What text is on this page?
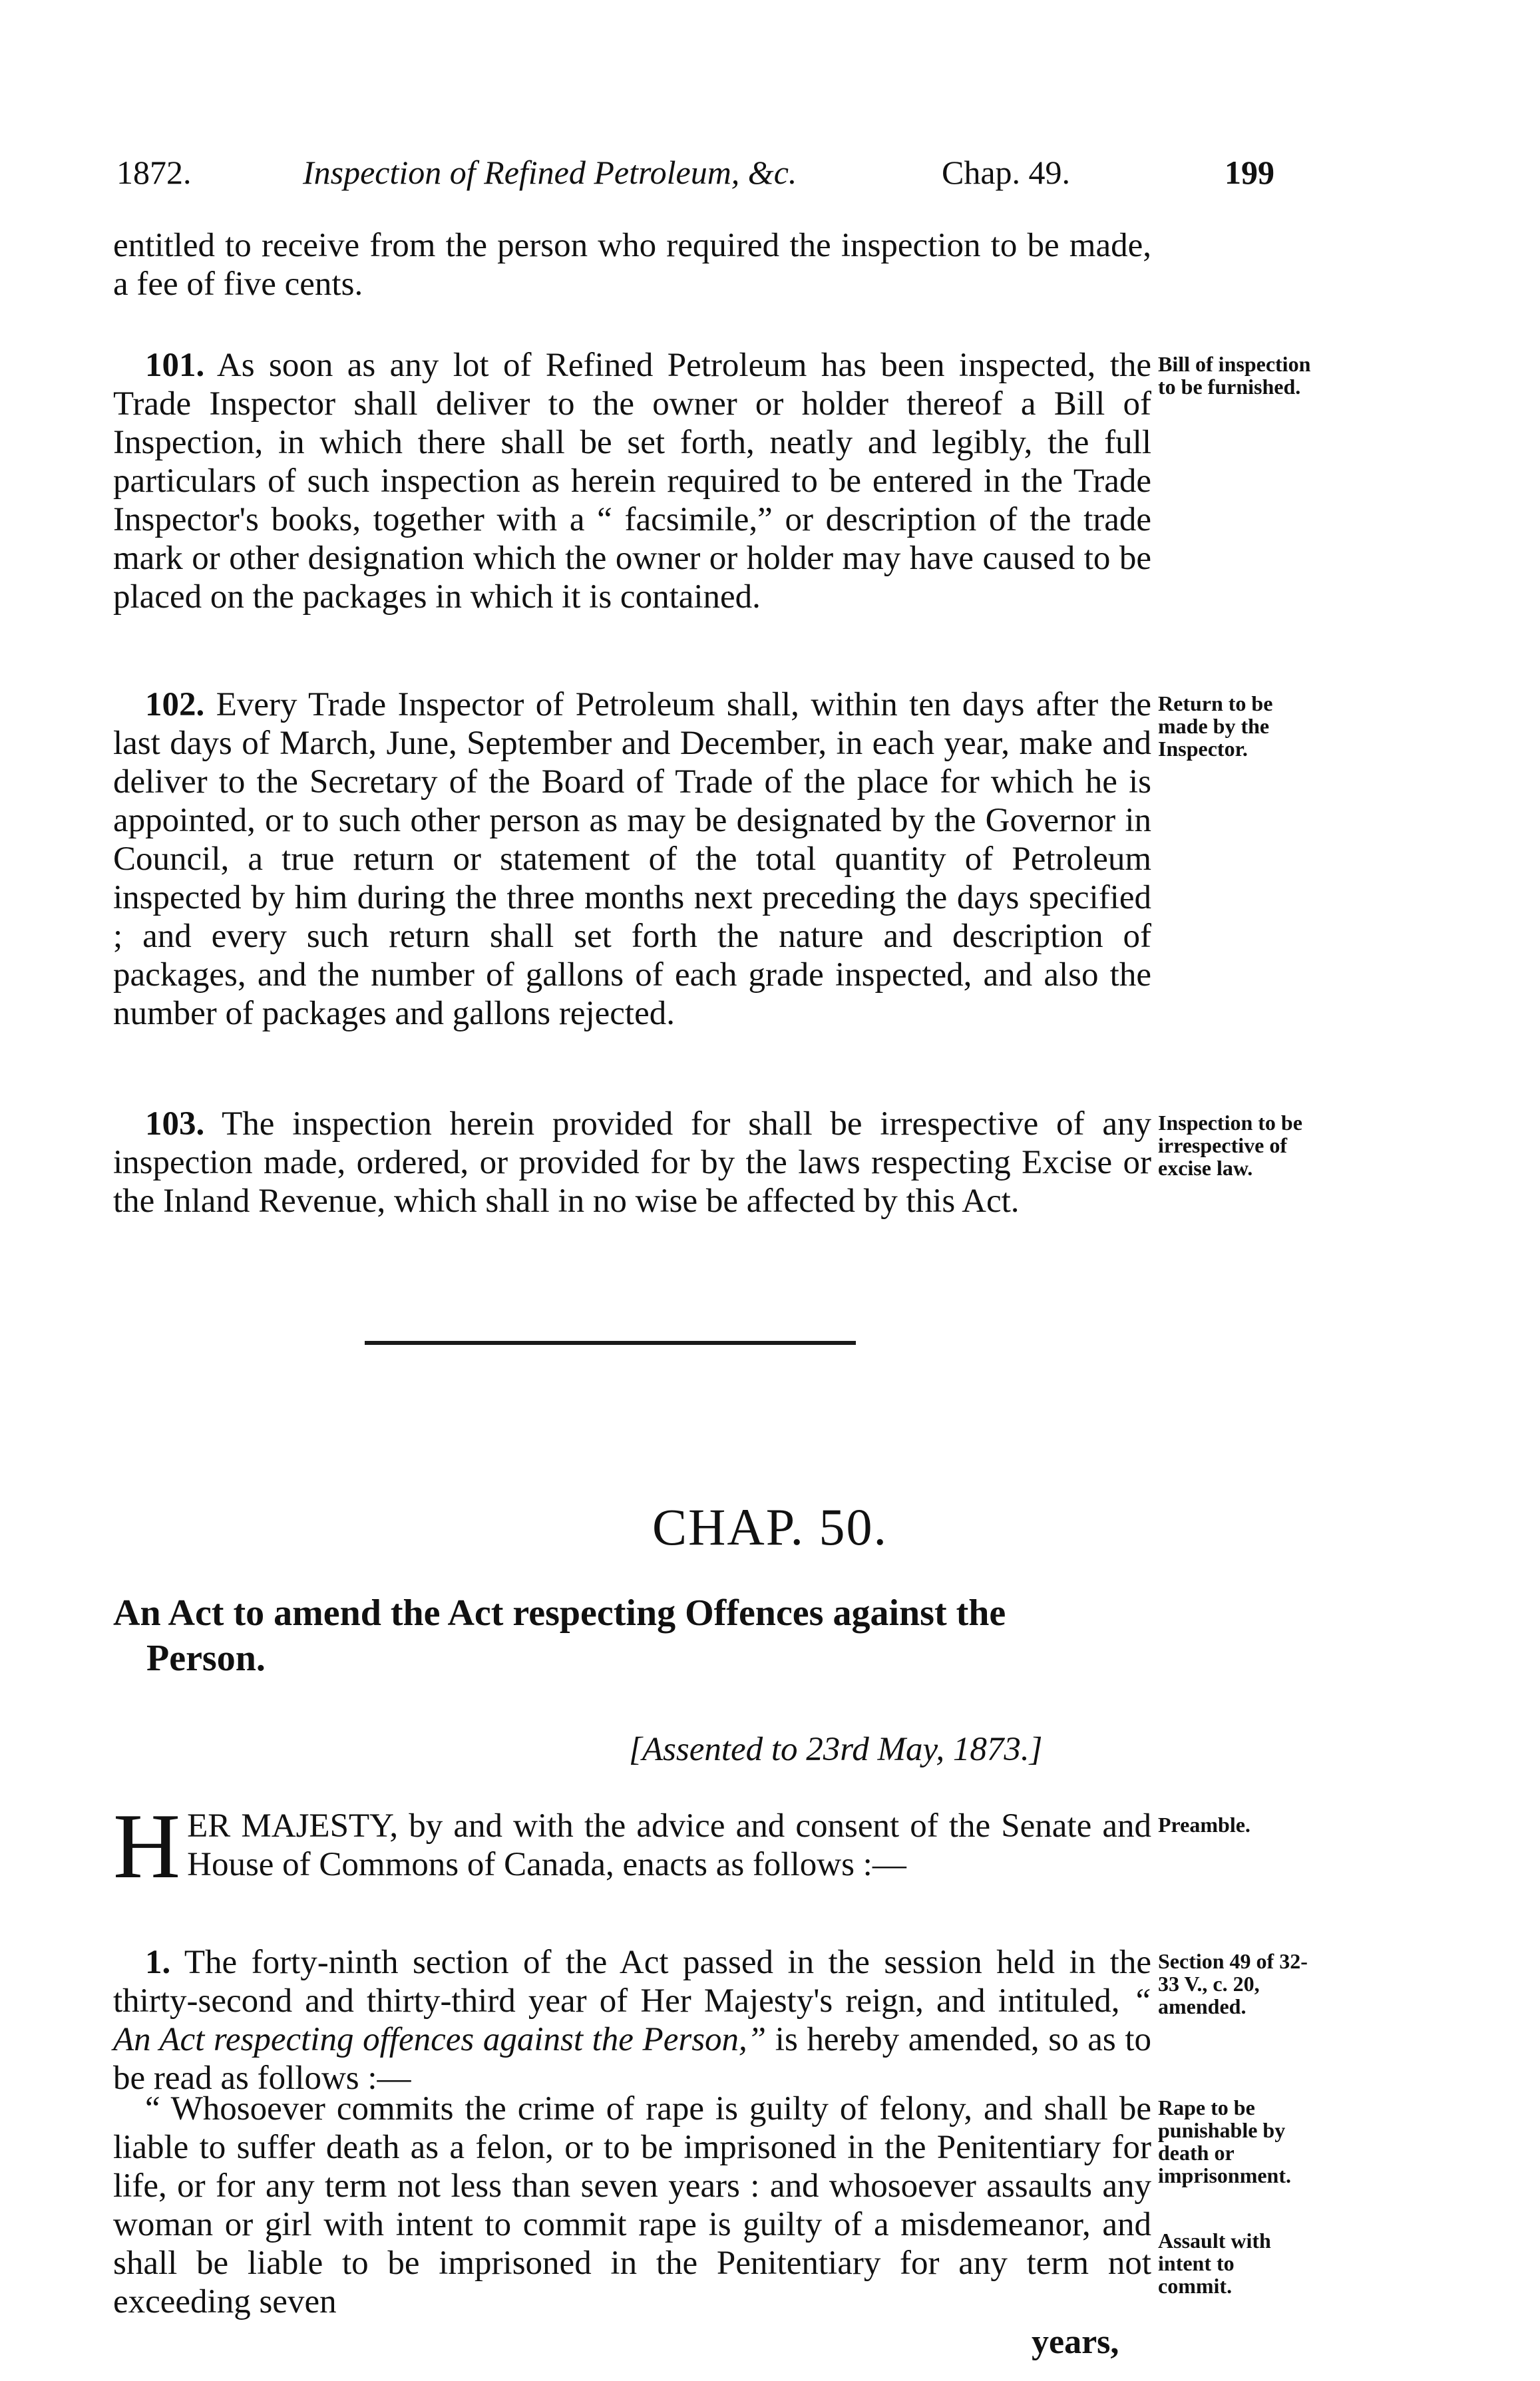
1872.	Inspection of Refined Petroleum, &c.	Chap. 49.	199

entitled to receive from the person who required the inspection to be made, a fee of five cents.

101. As soon as any lot of Refined Petroleum has been inspected, the Trade Inspector shall deliver to the owner or holder thereof a Bill of Inspection, in which there shall be set forth, neatly and legibly, the full particulars of such inspection as herein required to be entered in the Trade Inspector's books, together with a “ facsimile,” or description of the trade mark or other designation which the owner or holder may have caused to be placed on the packages in which it is contained.

Bill of inspection to be furnished.

102. Every Trade Inspector of Petroleum shall, within ten days after the last days of March, June, September and December, in each year, make and deliver to the Secretary of the Board of Trade of the place for which he is appointed, or to such other person as may be designated by the Governor in Council, a true return or statement of the total quantity of Petroleum inspected by him during the three months next preceding the days specified ; and every such return shall set forth the nature and description of packages, and the number of gallons of each grade inspected, and also the number of packages and gallons rejected.

Return to be made by the Inspector.

103. The inspection herein provided for shall be irrespective of any inspection made, ordered, or provided for by the laws respecting Excise or the Inland Revenue, which shall in no wise be affected by this Act.

Inspection to be irrespective of excise law.
CHAP. 50.
An Act to amend the Act respecting Offences against the
Person.
[Assented to 23rd May, 1873.]

HER MAJESTY, by and with the advice and consent of the Senate and House of Commons of Canada, enacts as follows :—

Preamble.

1. The forty-ninth section of the Act passed in the session held in the thirty-second and thirty-third year of Her Majesty's reign, and intituled, “ An Act respecting offences against the Person,” is hereby amended, so as to be read as follows :—

Section 49 of 32-33 V., c. 20, amended.

“ Whosoever commits the crime of rape is guilty of felony, and shall be liable to suffer death as a felon, or to be imprisoned in the Penitentiary for life, or for any term not less than seven years : and whosoever assaults any woman or girl with intent to commit rape is guilty of a misdemeanor, and shall be liable to be imprisoned in the Penitentiary for any term not exceeding seven

Rape to be punishable by death or imprisonment.
Assault with intent to commit.
years,
